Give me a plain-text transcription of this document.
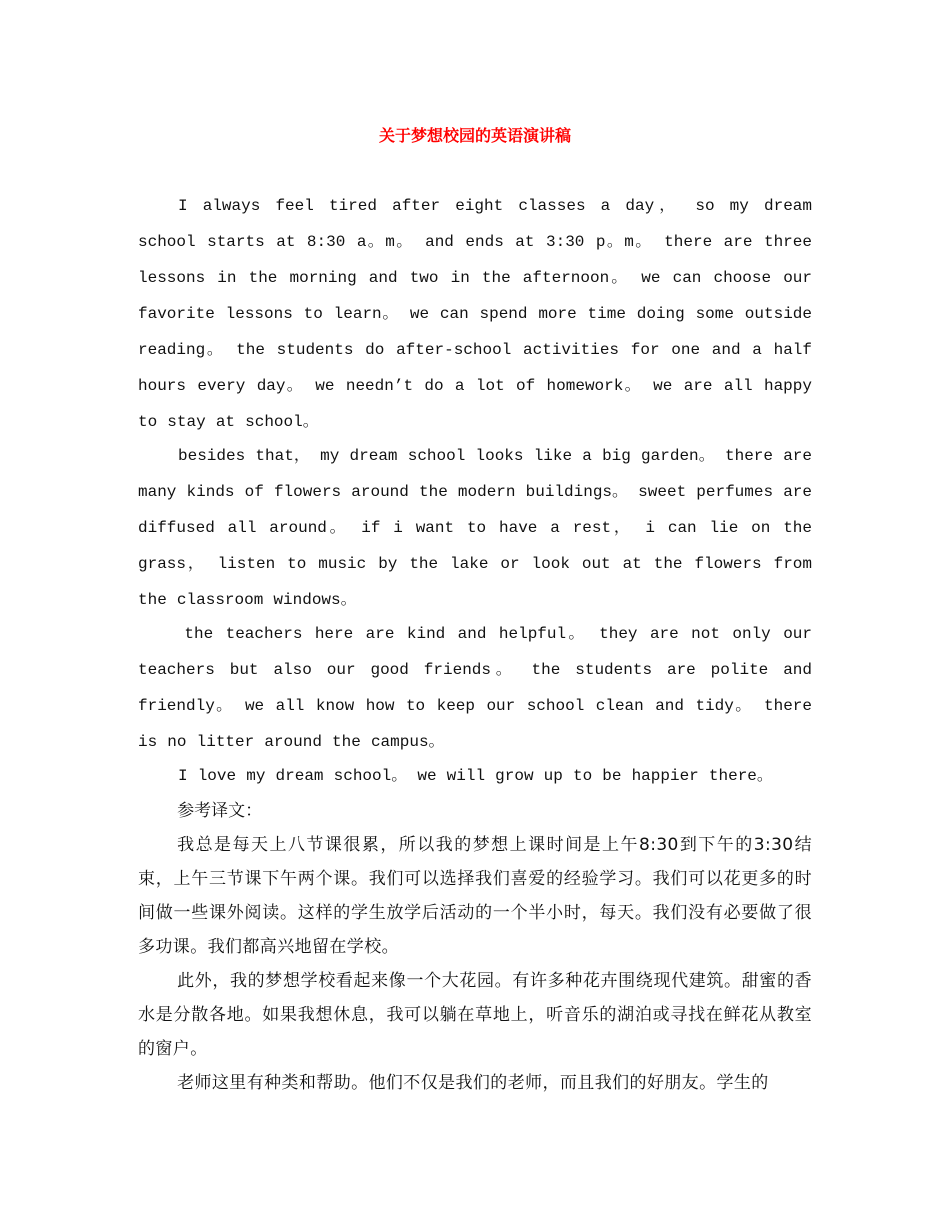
关于梦想校园的英语演讲稿

I always feel tired after eight classes a day， so my dream school starts at 8:30 a。m。 and ends at 3:30 p。m。 there are three lessons in the morning and two in the afternoon。 we can choose our favorite lessons to learn。 we can spend more time doing some outside reading。 the students do after-school activities for one and a half hours every day。 we needn’t do a lot of homework。 we are all happy to stay at school。

besides that， my dream school looks like a big garden。 there are many kinds of flowers around the modern buildings。 sweet perfumes are diffused all around。 if i want to have a rest， i can lie on the grass， listen to music by the lake or look out at the flowers from the classroom windows。

the teachers here are kind and helpful。 they are not only our teachers but also our good friends。 the students are polite and friendly。 we all know how to keep our school clean and tidy。 there is no litter around the campus。

I love my dream school。 we will grow up to be happier there。

参考译文：

我总是每天上八节课很累，所以我的梦想上课时间是上午8:30到下午的3:30结束，上午三节课下午两个课。我们可以选择我们喜爱的经验学习。我们可以花更多的时间做一些课外阅读。这样的学生放学后活动的一个半小时，每天。我们没有必要做了很多功课。我们都高兴地留在学校。

此外，我的梦想学校看起来像一个大花园。有许多种花卉围绕现代建筑。甜蜜的香水是分散各地。如果我想休息，我可以躺在草地上，听音乐的湖泊或寻找在鲜花从教室的窗户。

老师这里有种类和帮助。他们不仅是我们的老师，而且我们的好朋友。学生的
